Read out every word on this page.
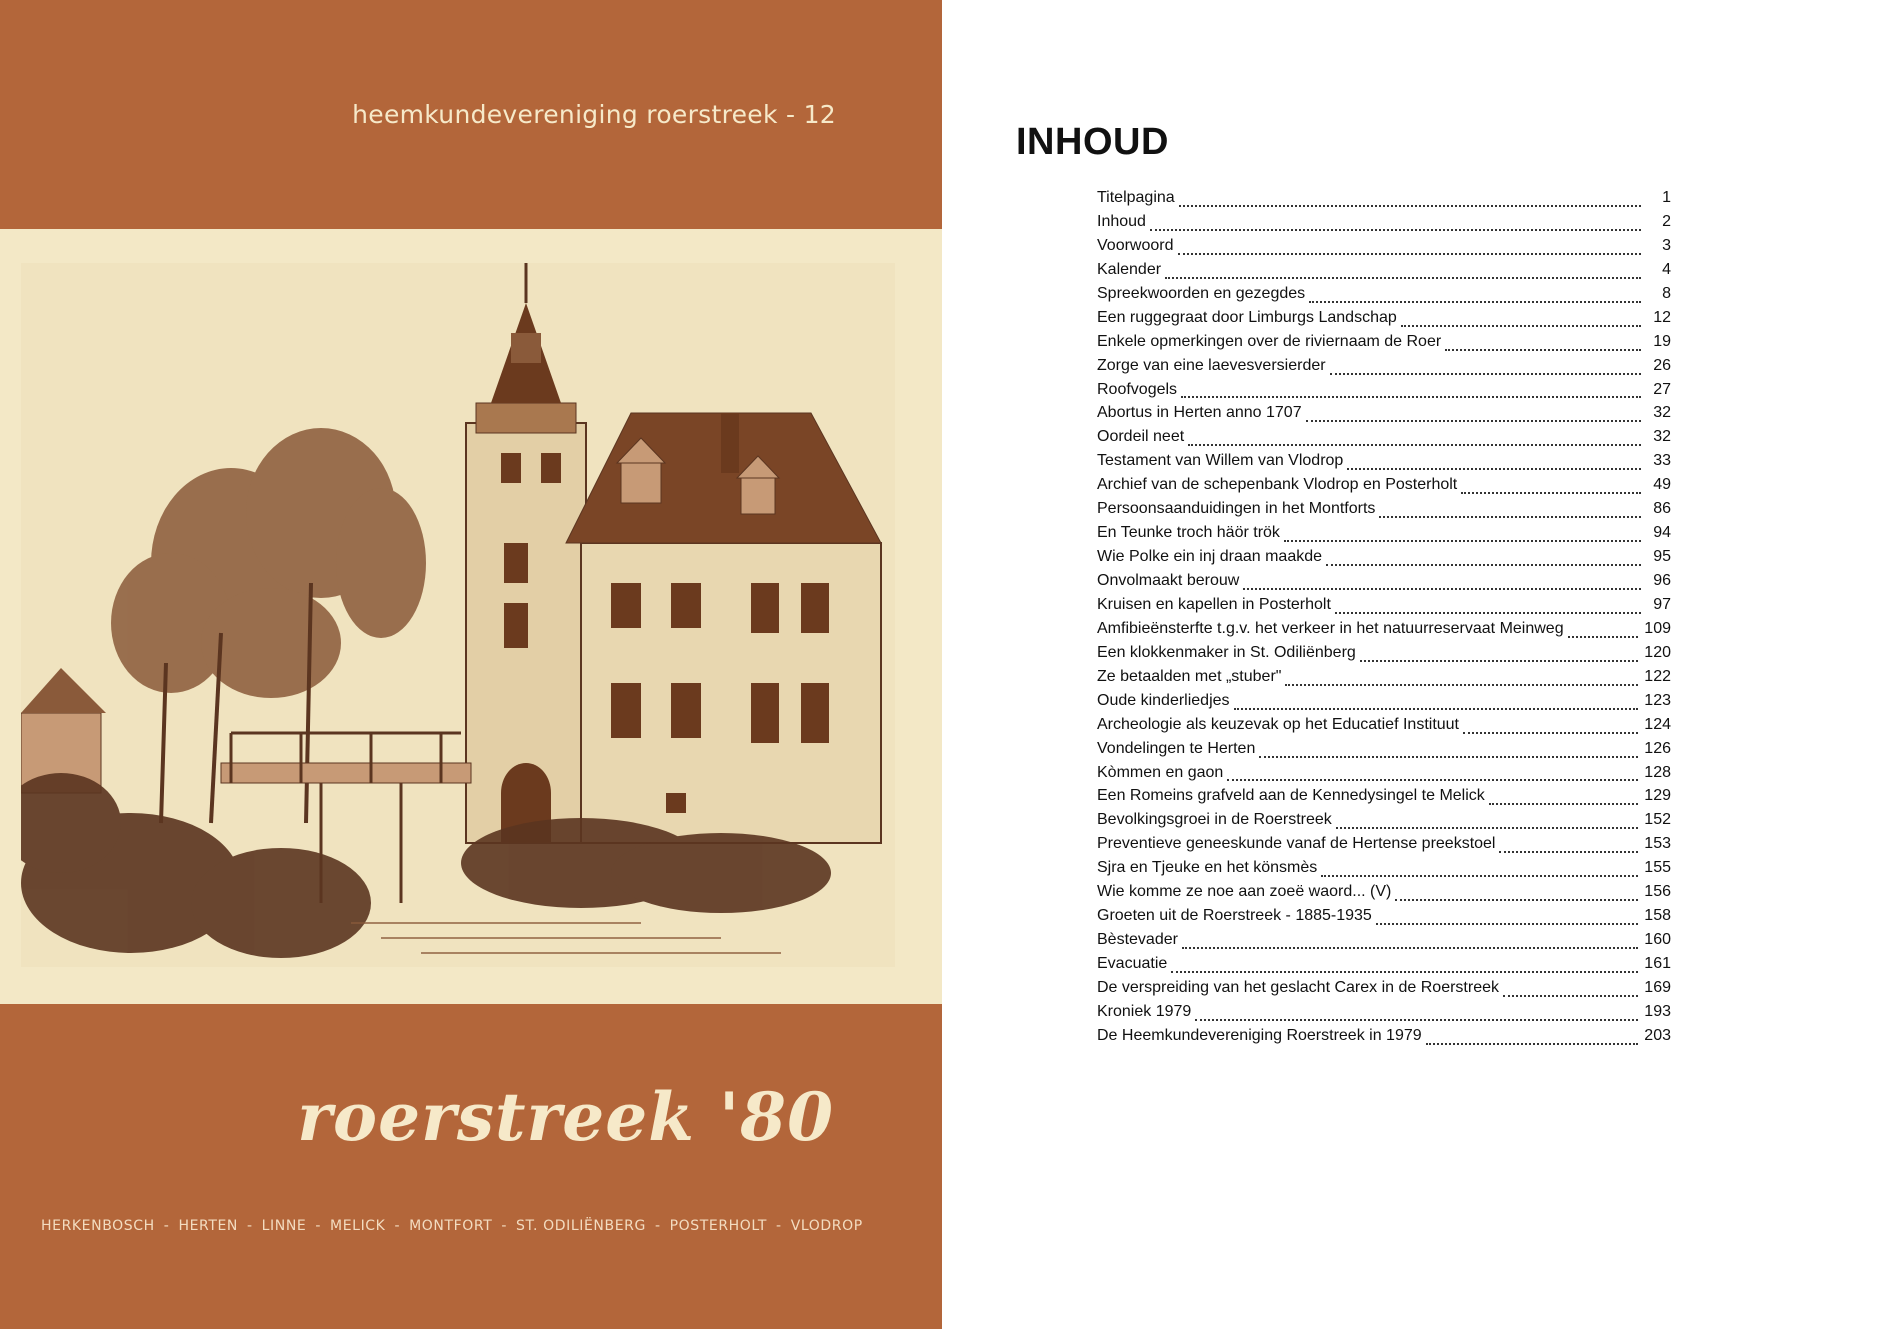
heemkundevereniging roerstreek - 12
roerstreek '80
HERKENBOSCH - HERTEN - LINNE - MELICK - MONTFORT - ST. ODILIËNBERG - POSTERHOLT - VLODROP
INHOUD
Titelpagina	1
Inhoud	2
Voorwoord	3
Kalender	4
Spreekwoorden en gezegdes	8
Een ruggegraat door Limburgs Landschap	12
Enkele opmerkingen over de riviernaam de Roer	19
Zorge van eine laevesversierder	26
Roofvogels	27
Abortus in Herten anno 1707	32
Oordeil neet	32
Testament van Willem van Vlodrop	33
Archief van de schepenbank Vlodrop en Posterholt	49
Persoonsaanduidingen in het Montforts	86
En Teunke troch häör trök	94
Wie Polke ein inj draan maakde	95
Onvolmaakt berouw	96
Kruisen en kapellen in Posterholt	97
Amfibieënsterfte t.g.v. het verkeer in het natuurreservaat Meinweg	109
Een klokkenmaker in St. Odiliënberg	120
Ze betaalden met „stuber"	122
Oude kinderliedjes	123
Archeologie als keuzevak op het Educatief Instituut	124
Vondelingen te Herten	126
Kòmmen en gaon	128
Een Romeins grafveld aan de Kennedysingel te Melick	129
Bevolkingsgroei in de Roerstreek	152
Preventieve geneeskunde vanaf de Hertense preekstoel	153
Sjra en Tjeuke en het könsmès	155
Wie komme ze noe aan zoeë waord... (V)	156
Groeten uit de Roerstreek - 1885-1935	158
Bèstevader	160
Evacuatie	161
De verspreiding van het geslacht Carex in de Roerstreek	169
Kroniek 1979	193
De Heemkundevereniging Roerstreek in 1979	203
